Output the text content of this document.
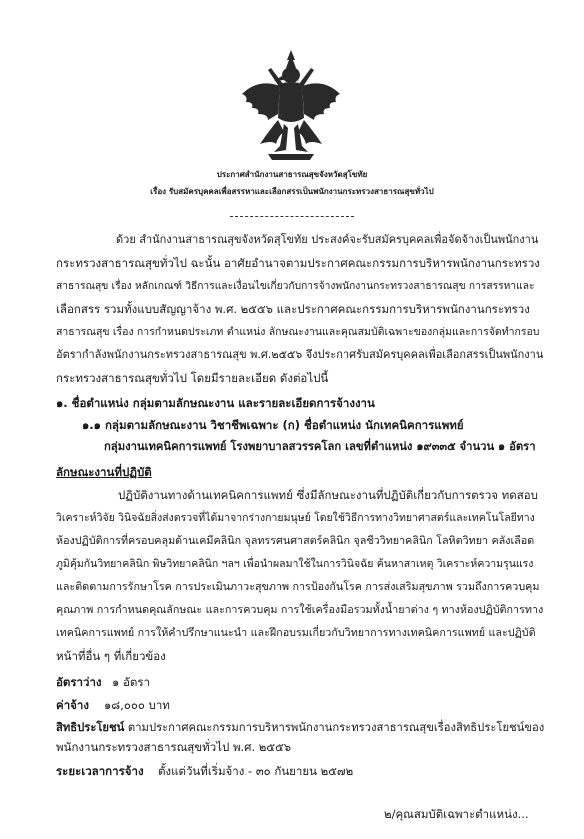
ประกาศสำนักงานสาธารณสุขจังหวัดสุโขทัย
เรื่อง รับสมัครบุคคลเพื่อสรรหาและเลือกสรรเป็นพนักงานกระทรวงสาธารณสุขทั่วไป
ด้วย สำนักงานสาธารณสุขจังหวัดสุโขทัย ประสงค์จะรับสมัครบุคคลเพื่อจัดจ้างเป็นพนักงาน
กระทรวงสาธารณสุขทั่วไป ฉะนั้น อาศัยอำนาจตามประกาศคณะกรรมการบริหารพนักงานกระทรวง
สาธารณสุข เรื่อง หลักเกณฑ์ วิธีการและเงื่อนไขเกี่ยวกับการจ้างพนักงานกระทรวงสาธารณสุข การสรรหาและ
เลือกสรร รวมทั้งแบบสัญญาจ้าง พ.ศ. ๒๕๕๖ และประกาศคณะกรรมการบริหารพนักงานกระทรวง
สาธารณสุข เรื่อง การกำหนดประเภท ตำแหน่ง ลักษณะงานและคุณสมบัติเฉพาะของกลุ่มและการจัดทำกรอบ
อัตรากำลังพนักงานกระทรวงสาธารณสุข พ.ศ.๒๕๕๖ จึงประกาศรับสมัครบุคคลเพื่อเลือกสรรเป็นพนักงาน
กระทรวงสาธารณสุขทั่วไป โดยมีรายละเอียด ดังต่อไปนี้
๑. ชื่อตำแหน่ง กลุ่มตามลักษณะงาน และรายละเอียดการจ้างงาน
๑.๑ กลุ่มตามลักษณะงาน วิชาชีพเฉพาะ (ก) ชื่อตำแหน่ง นักเทคนิคการแพทย์
กลุ่มงานเทคนิคการแพทย์ โรงพยาบาลสวรรคโลก เลขที่ตำแหน่ง ๑๙๓๓๕ จำนวน ๑ อัตรา
ลักษณะงานที่ปฏิบัติ
ปฏิบัติงานทางด้านเทคนิคการแพทย์ ซึ่งมีลักษณะงานที่ปฏิบัติเกี่ยวกับการตรวจ ทดสอบ
วิเคราะห์วิจัย วินิจฉัยสิ่งส่งตรวจที่ได้มาจากร่างกายมนุษย์ โดยใช้วิธีการทางวิทยาศาสตร์และเทคโนโลยีทาง
ห้องปฏิบัติการที่ครอบคลุมด้านเคมีคลินิก จุลทรรศนศาสตร์คลินิก จุลชีววิทยาคลินิก โลหิตวิทยา คลังเลือด
ภูมิคุ้มกันวิทยาคลินิก พิษวิทยาคลินิก ฯลฯ เพื่อนำผลมาใช้ในการวินิจฉัย ค้นหาสาเหตุ วิเคราะห์ความรุนแรง
และติดตามการรักษาโรค การประเมินภาวะสุขภาพ การป้องกันโรค การส่งเสริมสุขภาพ รวมถึงการควบคุม
คุณภาพ การกำหนดคุณลักษณะ และการควบคุม การใช้เครื่องมือรวมทั้งน้ำยาต่าง ๆ ทางห้องปฏิบัติการทาง
เทคนิคการแพทย์ การให้คำปรึกษาแนะนำ และฝึกอบรมเกี่ยวกับวิทยาการทางเทคนิคการแพทย์ และปฏิบัติ
หน้าที่อื่น ๆ ที่เกี่ยวข้อง
อัตราว่าง ๑ อัตรา
ค่าจ้าง ๑๘,๐๐๐ บาท
สิทธิประโยชน์ ตามประกาศคณะกรรมการบริหารพนักงานกระทรวงสาธารณสุขเรื่องสิทธิประโยชน์ของ
พนักงานกระทรวงสาธารณสุขทั่วไป พ.ศ. ๒๕๕๖
ระยะเวลาการจ้าง ตั้งแต่วันที่เริ่มจ้าง - ๓๐ กันยายน ๒๕๗๒
๒/คุณสมบัติเฉพาะตำแหน่ง...
